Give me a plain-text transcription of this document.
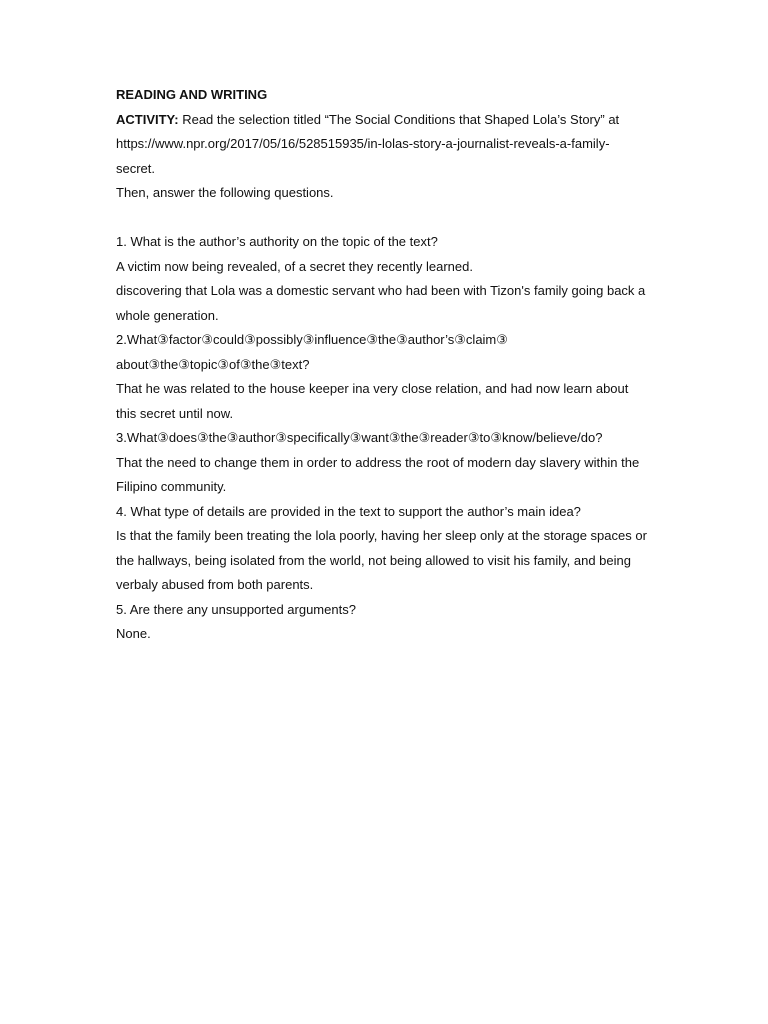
READING AND WRITING
ACTIVITY: Read the selection titled “The Social Conditions that Shaped Lola’s Story” at
https://www.npr.org/2017/05/16/528515935/in-lolas-story-a-journalist-reveals-a-family-
secret.
Then, answer the following questions.
1. What is the author’s authority on the topic of the text?
A victim now being revealed, of a secret they recently learned.
discovering that Lola was a domestic servant who had been with Tizon's family going back a
whole generation.
2.What③factor③could③possibly③influence③the③author’s③claim③
about③the③topic③of③the③text?
That he was related to the house keeper ina very close relation, and had now learn about
this secret until now.
3.What③does③the③author③specifically③want③the③reader③to③know/believe/do?
That the need to change them in order to address the root of modern day slavery within the
Filipino community.
4. What type of details are provided in the text to support the author’s main idea?
Is that the family been treating the lola poorly, having her sleep only at the storage spaces or
the hallways, being isolated from the world, not being allowed to visit his family, and being
verbaly abused from both parents.
5. Are there any unsupported arguments?
None.
